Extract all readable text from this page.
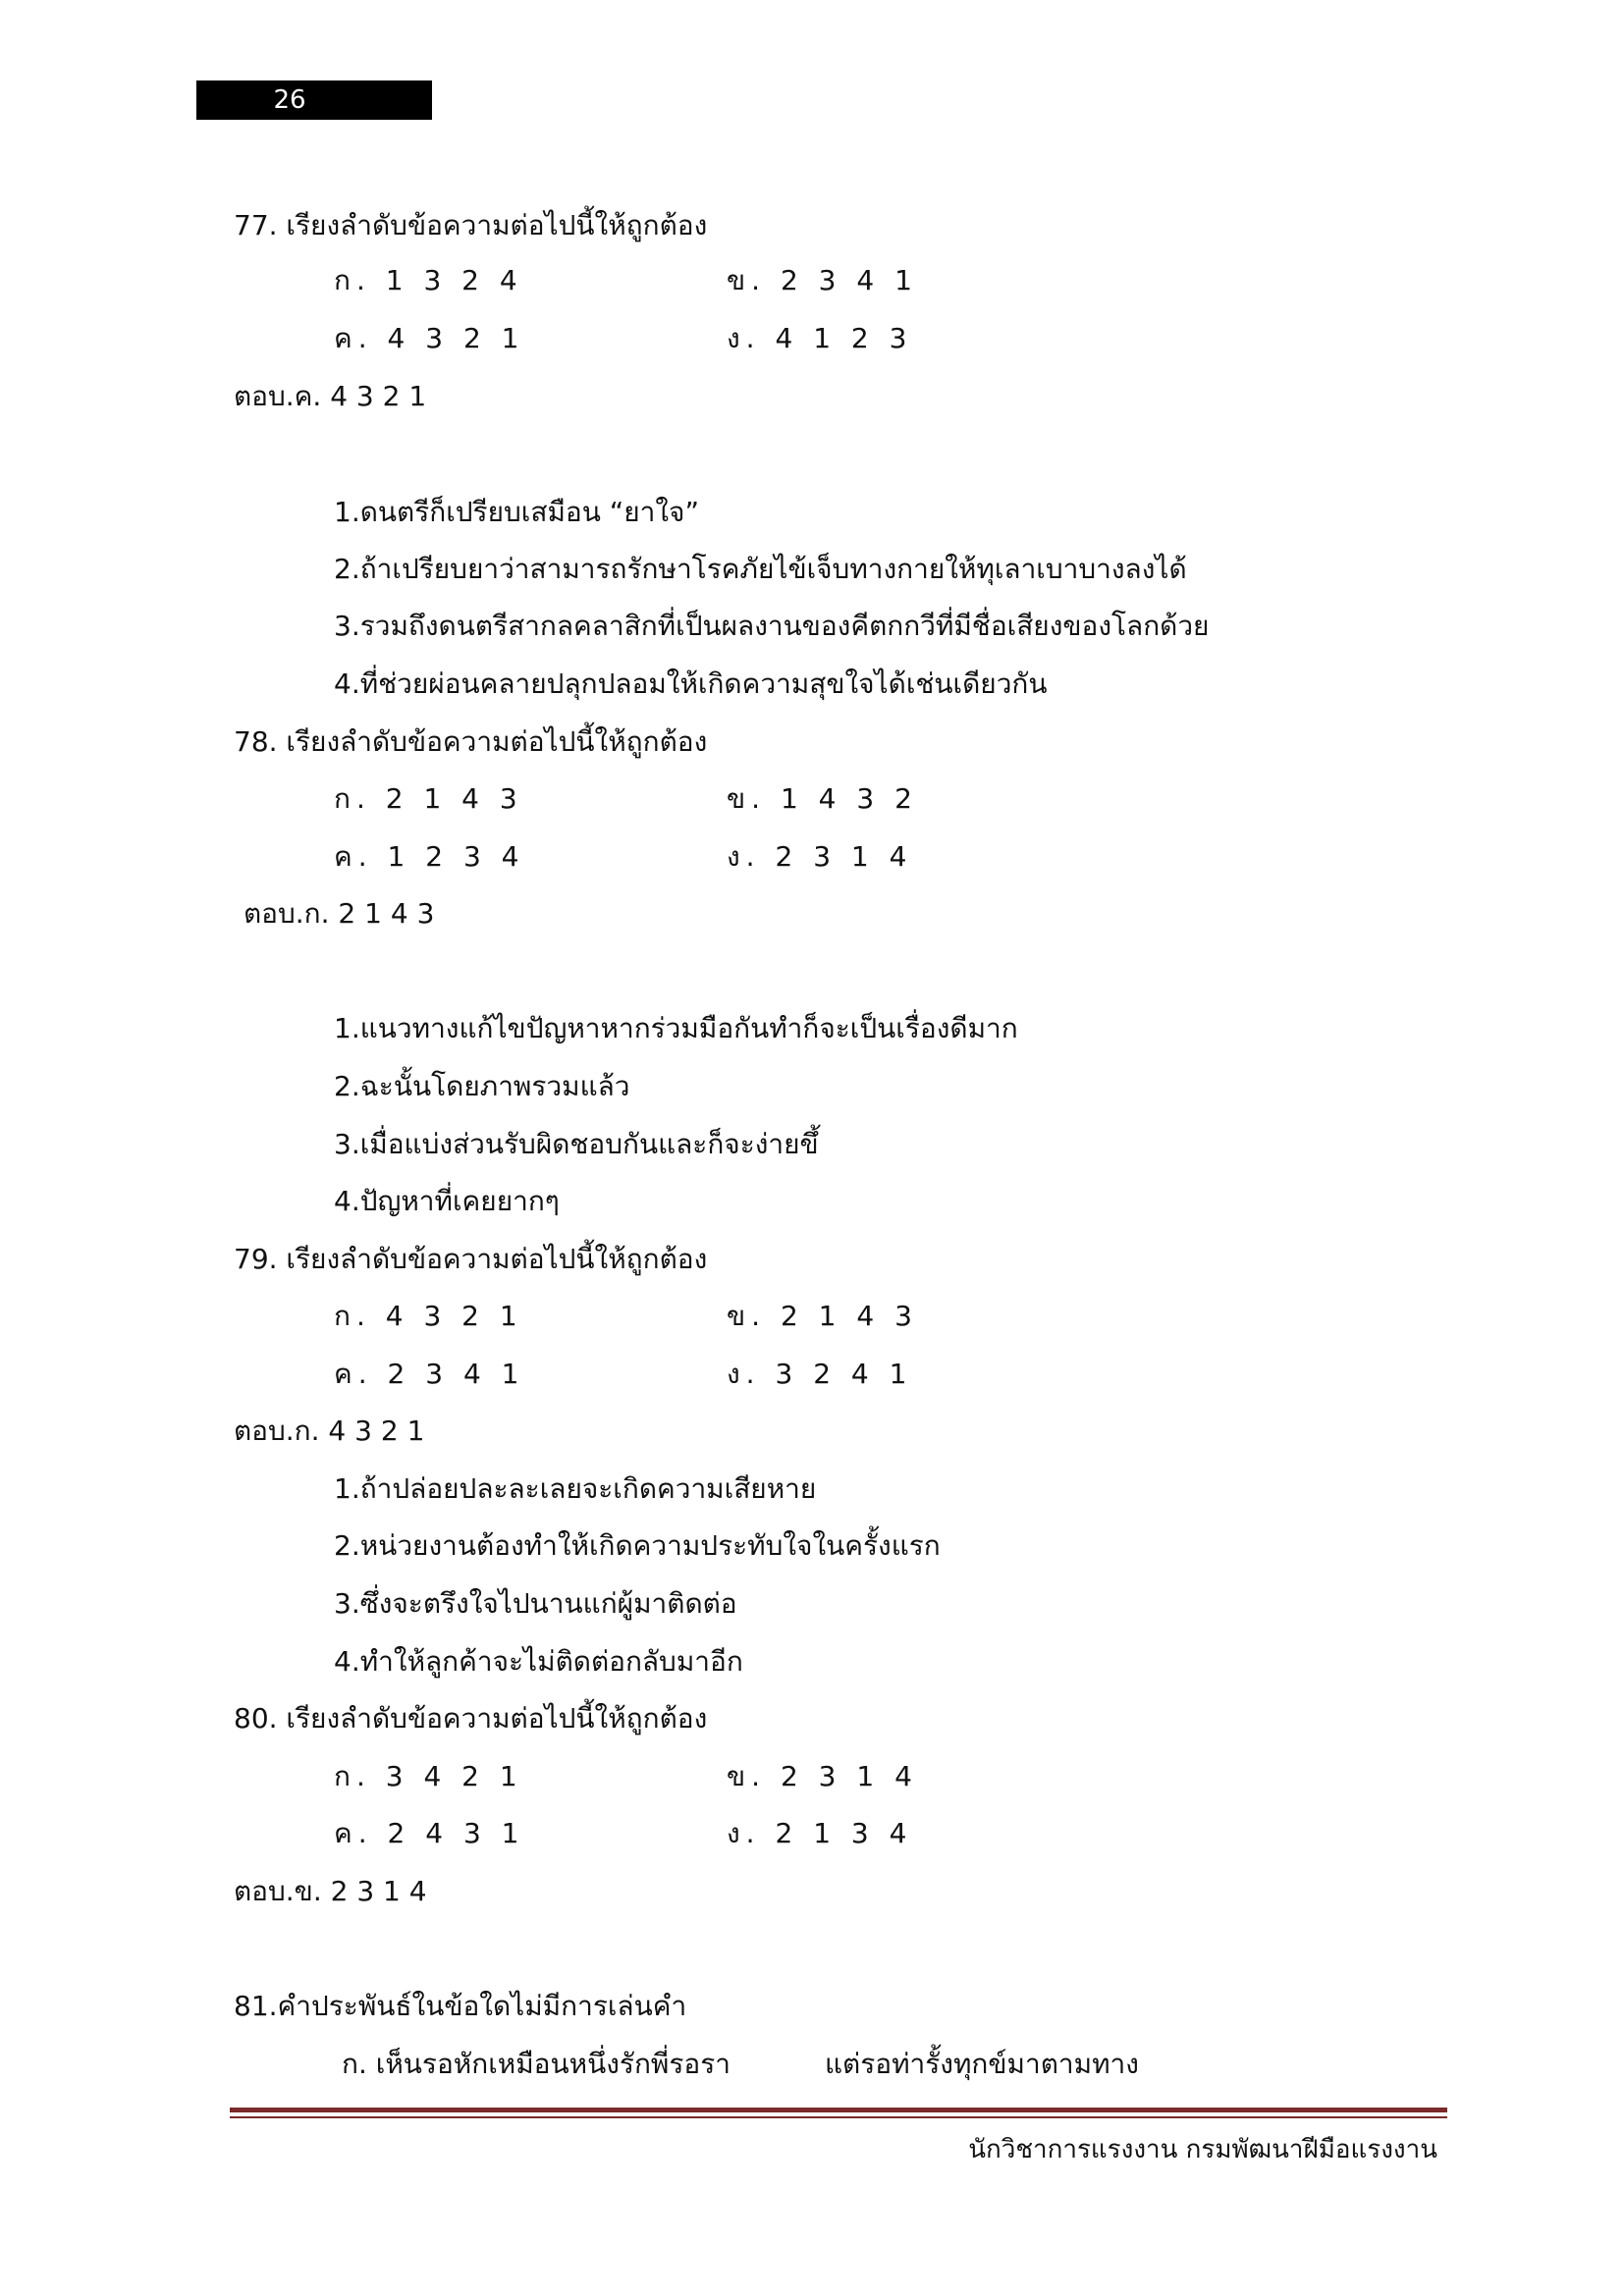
26
77. เรียงลำดับข้อความต่อไปนี้ให้ถูกต้อง
ก. 1 3 2 4	ข. 2 3 4 1
ค. 4 3 2 1	ง. 4 1 2 3
ตอบ.ค. 4 3 2 1
1.ดนตรีก็เปรียบเสมือน “ยาใจ”
2.ถ้าเปรียบยาว่าสามารถรักษาโรคภัยไข้เจ็บทางกายให้ทุเลาเบาบางลงได้
3.รวมถึงดนตรีสากลคลาสิกที่เป็นผลงานของคีตกกวีที่มีชื่อเสียงของโลกด้วย
4.ที่ช่วยผ่อนคลายปลุกปลอมให้เกิดความสุขใจได้เช่นเดียวกัน
78. เรียงลำดับข้อความต่อไปนี้ให้ถูกต้อง
ก. 2 1 4 3	ข. 1 4 3 2
ค. 1 2 3 4	ง. 2 3 1 4
ตอบ.ก. 2 1 4 3
1.แนวทางแก้ไขปัญหาหากร่วมมือกันทำก็จะเป็นเรื่องดีมาก
2.ฉะนั้นโดยภาพรวมแล้ว
3.เมื่อแบ่งส่วนรับผิดชอบกันและก็จะง่ายขึ้
4.ปัญหาที่เคยยากๆ
79. เรียงลำดับข้อความต่อไปนี้ให้ถูกต้อง
ก. 4 3 2 1	ข. 2 1 4 3
ค. 2 3 4 1	ง. 3 2 4 1
ตอบ.ก. 4 3 2 1
1.ถ้าปล่อยปละละเลยจะเกิดความเสียหาย
2.หน่วยงานต้องทำให้เกิดความประทับใจในครั้งแรก
3.ซึ่งจะตรึงใจไปนานแก่ผู้มาติดต่อ
4.ทำให้ลูกค้าจะไม่ติดต่อกลับมาอีก
80. เรียงลำดับข้อความต่อไปนี้ให้ถูกต้อง
ก. 3 4 2 1	ข. 2 3 1 4
ค. 2 4 3 1	ง. 2 1 3 4
ตอบ.ข. 2 3 1 4
81.คำประพันธ์ในข้อใดไม่มีการเล่นคำ
ก. เห็นรอหักเหมือนหนึ่งรักพี่รอรา	แต่รอท่ารั้งทุกข์มาตามทาง
นักวิชาการแรงงาน กรมพัฒนาฝีมือแรงงาน
